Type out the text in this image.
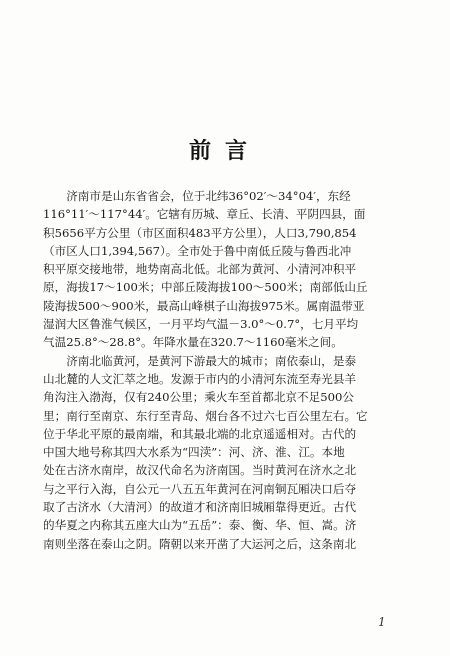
前言
　　济南市是山东省省会，位于北纬36°02′～34°04′，东经
116°11′～117°44′。它辖有历城、章丘、长清、平阴四县，面
积5656平方公里（市区面积483平方公里），人口3,790,854
（市区人口1,394,567）。全市处于鲁中南低丘陵与鲁西北冲
积平原交接地带，地势南高北低。北部为黄河、小清河冲积平
原，海拔17～100米；中部丘陵海拔100～500米；南部低山丘
陵海拔500～900米，最高山峰棋子山海拔975米。属南温带亚
湿润大区鲁淮气候区，一月平均气温－3.0°～0.7°，七月平均
气温25.8°～28.8°。年降水量在320.7～1160毫米之间。
　　济南北临黄河，是黄河下游最大的城市；南依泰山，是泰
山北麓的人文汇萃之地。发源于市内的小清河东流至寿光县羊
角沟注入渤海，仅有240公里；乘火车至首都北京不足500公
里；南行至南京、东行至青岛、烟台各不过六七百公里左右。它
位于华北平原的最南端，和其最北端的北京遥遥相对。古代的
中国大地号称其四大水系为“四渎”：河、济、淮、江。本地
处在古济水南岸，故汉代命名为济南国。当时黄河在济水之北
与之平行入海，自公元一八五五年黄河在河南铜瓦厢决口后夺
取了古济水（大清河）的故道才和济南旧城厢靠得更近。古代
的华夏之内称其五座大山为“五岳”：泰、衡、华、恒、嵩。济
南则坐落在泰山之阴。隋朝以来开凿了大运河之后，这条南北
1
